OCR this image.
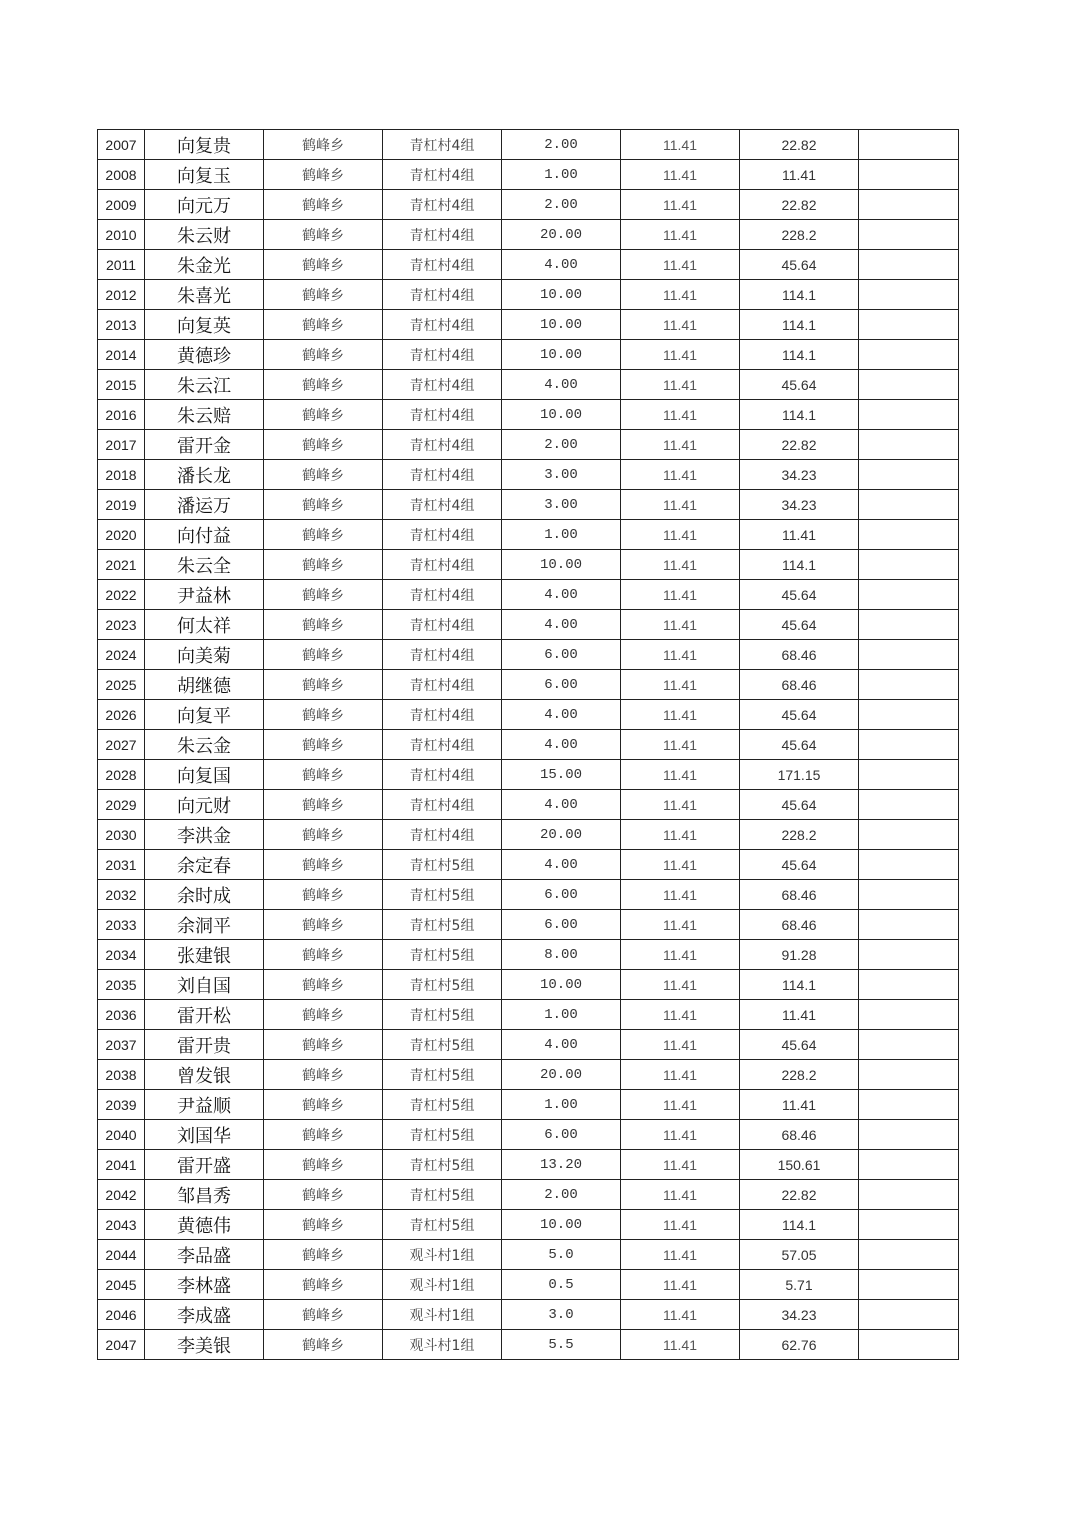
2007	向复贵	鹤峰乡	青杠村4组	2.00	11.41	22.82	
2008	向复玉	鹤峰乡	青杠村4组	1.00	11.41	11.41	
2009	向元万	鹤峰乡	青杠村4组	2.00	11.41	22.82	
2010	朱云财	鹤峰乡	青杠村4组	20.00	11.41	228.2	
2011	朱金光	鹤峰乡	青杠村4组	4.00	11.41	45.64	
2012	朱喜光	鹤峰乡	青杠村4组	10.00	11.41	114.1	
2013	向复英	鹤峰乡	青杠村4组	10.00	11.41	114.1	
2014	黄德珍	鹤峰乡	青杠村4组	10.00	11.41	114.1	
2015	朱云江	鹤峰乡	青杠村4组	4.00	11.41	45.64	
2016	朱云赔	鹤峰乡	青杠村4组	10.00	11.41	114.1	
2017	雷开金	鹤峰乡	青杠村4组	2.00	11.41	22.82	
2018	潘长龙	鹤峰乡	青杠村4组	3.00	11.41	34.23	
2019	潘运万	鹤峰乡	青杠村4组	3.00	11.41	34.23	
2020	向付益	鹤峰乡	青杠村4组	1.00	11.41	11.41	
2021	朱云全	鹤峰乡	青杠村4组	10.00	11.41	114.1	
2022	尹益林	鹤峰乡	青杠村4组	4.00	11.41	45.64	
2023	何太祥	鹤峰乡	青杠村4组	4.00	11.41	45.64	
2024	向美菊	鹤峰乡	青杠村4组	6.00	11.41	68.46	
2025	胡继德	鹤峰乡	青杠村4组	6.00	11.41	68.46	
2026	向复平	鹤峰乡	青杠村4组	4.00	11.41	45.64	
2027	朱云金	鹤峰乡	青杠村4组	4.00	11.41	45.64	
2028	向复国	鹤峰乡	青杠村4组	15.00	11.41	171.15	
2029	向元财	鹤峰乡	青杠村4组	4.00	11.41	45.64	
2030	李洪金	鹤峰乡	青杠村4组	20.00	11.41	228.2	
2031	余定春	鹤峰乡	青杠村5组	4.00	11.41	45.64	
2032	余时成	鹤峰乡	青杠村5组	6.00	11.41	68.46	
2033	余洞平	鹤峰乡	青杠村5组	6.00	11.41	68.46	
2034	张建银	鹤峰乡	青杠村5组	8.00	11.41	91.28	
2035	刘自国	鹤峰乡	青杠村5组	10.00	11.41	114.1	
2036	雷开松	鹤峰乡	青杠村5组	1.00	11.41	11.41	
2037	雷开贵	鹤峰乡	青杠村5组	4.00	11.41	45.64	
2038	曾发银	鹤峰乡	青杠村5组	20.00	11.41	228.2	
2039	尹益顺	鹤峰乡	青杠村5组	1.00	11.41	11.41	
2040	刘国华	鹤峰乡	青杠村5组	6.00	11.41	68.46	
2041	雷开盛	鹤峰乡	青杠村5组	13.20	11.41	150.61	
2042	邹昌秀	鹤峰乡	青杠村5组	2.00	11.41	22.82	
2043	黄德伟	鹤峰乡	青杠村5组	10.00	11.41	114.1	
2044	李品盛	鹤峰乡	观斗村1组	5.0	11.41	57.05	
2045	李林盛	鹤峰乡	观斗村1组	0.5	11.41	5.71	
2046	李成盛	鹤峰乡	观斗村1组	3.0	11.41	34.23	
2047	李美银	鹤峰乡	观斗村1组	5.5	11.41	62.76	
